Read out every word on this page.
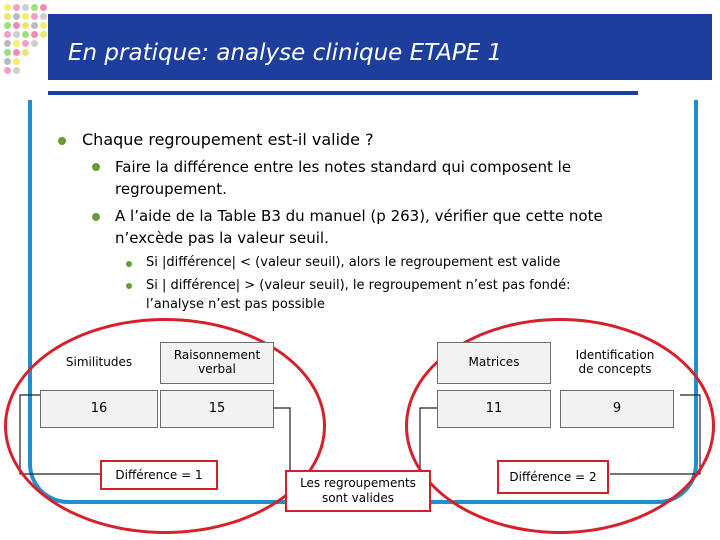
En pratique: analyse clinique ETAPE 1
Chaque regroupement est-il valide ?
Faire la différence entre les notes standard qui composent le
regroupement.
A l’aide de la Table B3 du manuel (p 263), vérifier que cette note
n’excède pas la valeur seuil.
Si |différence| < (valeur seuil), alors le regroupement est valide
Si | différence| > (valeur seuil), le regroupement n’est pas fondé:
l’analyse n’est pas possible
Similitudes	Raisonnement
verbal
16	15
Différence = 1
Matrices	Identification
de concepts
11	9
Différence = 2
Les regroupements
sont valides
